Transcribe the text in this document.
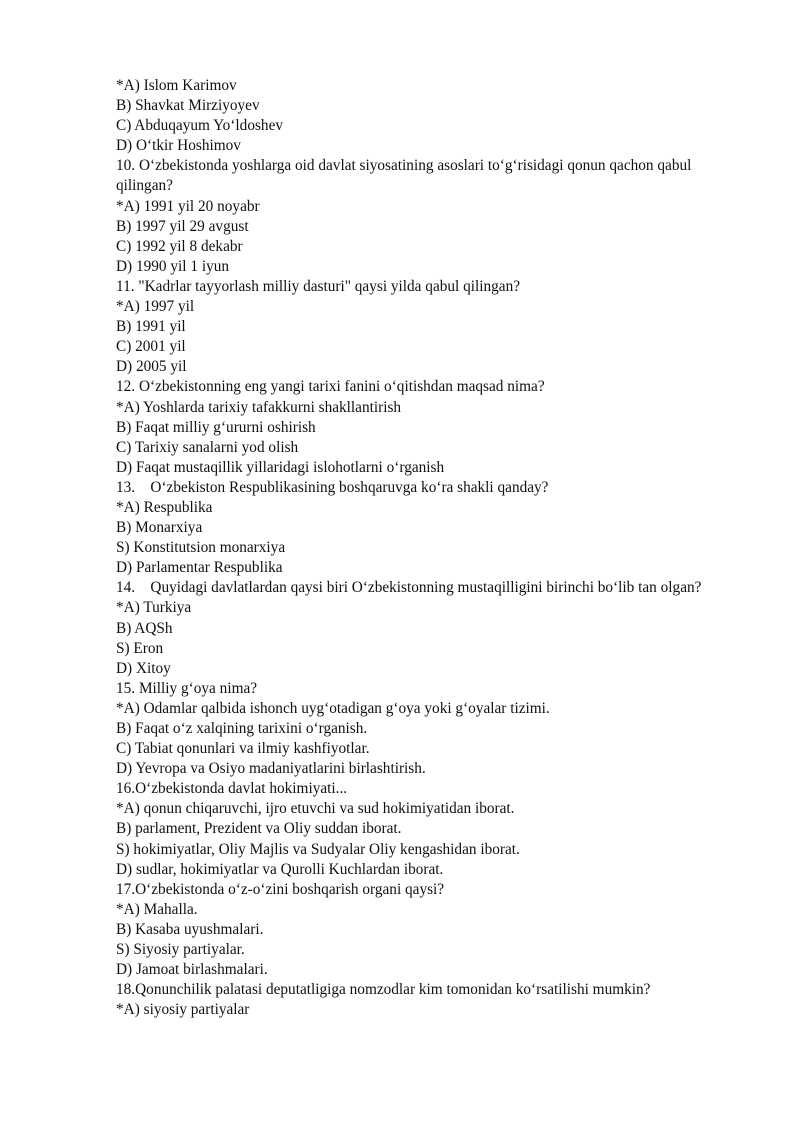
*A) Islom Karimov
B) Shavkat Mirziyoyev
C) Abduqayum Yo‘ldoshev
D) O‘tkir Hoshimov
10. O‘zbekistonda yoshlarga oid davlat siyosatining asoslari to‘g‘risidagi qonun qachon qabul qilingan?
*A) 1991 yil 20 noyabr
B) 1997 yil 29 avgust
C) 1992 yil 8 dekabr
D) 1990 yil 1 iyun
11. "Kadrlar tayyorlash milliy dasturi" qaysi yilda qabul qilingan?
*A) 1997 yil
B) 1991 yil
C) 2001 yil
D) 2005 yil
12. O‘zbekistonning eng yangi tarixi fanini o‘qitishdan maqsad nima?
*A) Yoshlarda tarixiy tafakkurni shakllantirish
B) Faqat milliy g‘ururni oshirish
C) Tarixiy sanalarni yod olish
D) Faqat mustaqillik yillaridagi islohotlarni o‘rganish
13.    O‘zbekiston Respublikasining boshqaruvga ko‘ra shakli qanday?
*A) Respublika
B) Monarxiya
S) Konstitutsion monarxiya
D) Parlamentar Respublika
14.    Quyidagi davlatlardan qaysi biri O‘zbekistonning mustaqilligini birinchi bo‘lib tan olgan?
*A) Turkiya
B) AQSh
S) Eron
D) Xitoy
15. Milliy g‘oya nima?
*A) Odamlar qalbida ishonch uyg‘otadigan g‘oya yoki g‘oyalar tizimi.
B) Faqat o‘z xalqining tarixini o‘rganish.
C) Tabiat qonunlari va ilmiy kashfiyotlar.
D) Yevropa va Osiyo madaniyatlarini birlashtirish.
16.O‘zbekistonda davlat hokimiyati...
*A) qonun chiqaruvchi, ijro etuvchi va sud hokimiyatidan iborat.
B) parlament, Prezident va Oliy suddan iborat.
S) hokimiyatlar, Oliy Majlis va Sudyalar Oliy kengashidan iborat.
D) sudlar, hokimiyatlar va Qurolli Kuchlardan iborat.
17.O‘zbekistonda o‘z-o‘zini boshqarish organi qaysi?
*A) Mahalla.
B) Kasaba uyushmalari.
S) Siyosiy partiyalar.
D) Jamoat birlashmalari.
18.Qonunchilik palatasi deputatligiga nomzodlar kim tomonidan ko‘rsatilishi mumkin?
*A) siyosiy partiyalar
